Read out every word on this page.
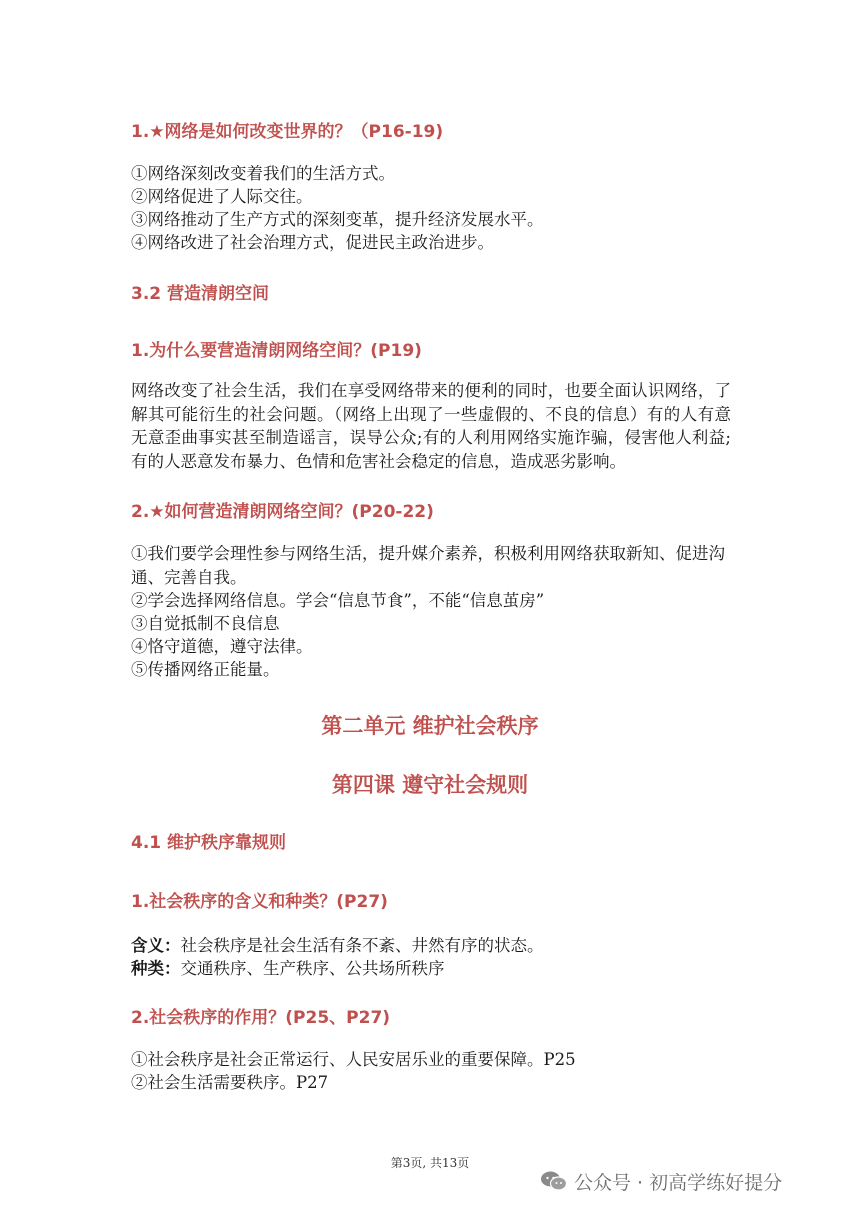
1.★网络是如何改变世界的？（P16-19)
①网络深刻改变着我们的生活方式。
②网络促进了人际交往。
③网络推动了生产方式的深刻变革，提升经济发展水平。
④网络改进了社会治理方式，促进民主政治进步。
3.2 营造清朗空间
1.为什么要营造清朗网络空间？(P19)
网络改变了社会生活，我们在享受网络带来的便利的同时，也要全面认识网络，了解其可能衍生的社会问题。（网络上出现了一些虚假的、不良的信息）有的人有意无意歪曲事实甚至制造谣言，误导公众;有的人利用网络实施诈骗，侵害他人利益;有的人恶意发布暴力、色情和危害社会稳定的信息，造成恶劣影响。
2.★如何营造清朗网络空间？(P20-22)
①我们要学会理性参与网络生活，提升媒介素养，积极利用网络获取新知、促进沟通、完善自我。
②学会选择网络信息。学会“信息节食”，不能“信息茧房”
③自觉抵制不良信息
④恪守道德，遵守法律。
⑤传播网络正能量。
第二单元 维护社会秩序
第四课 遵守社会规则
4.1 维护秩序靠规则
1.社会秩序的含义和种类？(P27)
含义：社会秩序是社会生活有条不紊、井然有序的状态。
种类：交通秩序、生产秩序、公共场所秩序
2.社会秩序的作用？(P25、P27)
①社会秩序是社会正常运行、人民安居乐业的重要保障。P25
②社会生活需要秩序。P27
第3页, 共13页
公众号 · 初高学练好提分
